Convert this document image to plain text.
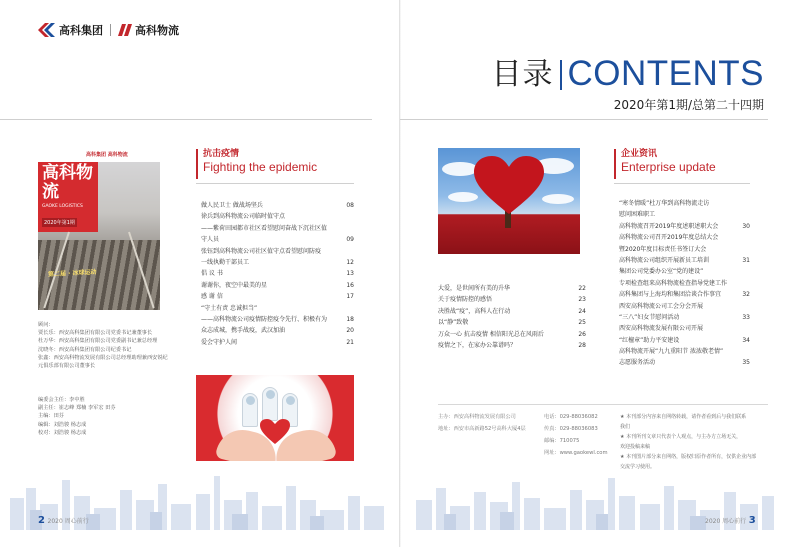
高科集团	高科物流
目录 CONTENTS
2020年第1期/总第二十四期
高科集团 高科物流
高科物流
GAOKE LOGISTICS
2020年第1期
第二届 · 冰球运动
顾问：
贾长乐：西安高科集团有限公司党委书记兼董事长
杜万华：西安高科集团有限公司党委副书记兼总经理
沈晓冬：西安高科集团有限公司纪委书记
张鑫：西安高科物流发展有限公司总经理助理兼西安锐纪
元俱乐部有限公司董事长
编委会主任：李中胜
副主任：崔志峰 郑楠 李军宏 田芬
主编：田芬
编辑：刘浩骏 杨志成
校对：刘浩骏 杨志成
抗击疫情
Fighting the epidemic
做人民卫士 做战场坚兵	08
徐兵到高科物流公司临时值守点
——紫荷田园都市社区看望慰问奋战下沉社区值
守人员	09
张钰到高科物流公司社区值守点看望慰问防疫
一线执勤干部员工	12
倡 议 书	13
谢谢你，夜空中最美的星	16
感 谢 信	17
“守土有责 忠诚担当”
——高科物流公司疫情防控疫令先行、积极有为	18
众志成城，携手战疫，武汉加油	20
爱会守护人间	21
大爱，是世间所有美的升华	22
关于疫情防控的感悟	23
决胜战“疫”，高科人在行动	24
以“静”致敬	25
万众一心 抗击疫情 相信阳光总在风雨后	26
疫情之下，在家办公靠谱吗？	28
企业资讯
Enterprise update
“寒冬情暖”杜万华到高科物流走访
慰问困难职工
高科物流召开2019年度述职述职大会	30
高科物流公司召开2019年度总结大会
暨2020年度目标责任书签订大会
高科物流公司组织开展新员工培训	31
集团公司党委办公室“党的建设”
专项检查组来高科物流检查指导党建工作
高科集团与上海均和集团洽谈合作事宜	32
西安高科物流公司工会分会开展
“三八”妇女节慰问活动	33
西安高科物流发展有限公司开展
“红檀章”助力平安建设	34
高科物流开展“九九重阳节 浓浓敬老情”
志愿服务活动	35
主办：西安高科物流发展有限公司
地址：西安市高新路52号高科大厦4层
电话：029-88036082
传真：029-88036083
邮编：710075
网址：www.gaokewl.com
★ 本刊部分内容来自网络转载，请作者看到后与我们联系
我们
★ 本刊所刊文章只代表个人观点，与主办方立场无关，
欢迎投稿来稿
★ 本刊图片部分来自网络，版权归原作者所有，仅供企业内部
交流学习使用。
2 2020 周心前行	2020 周心前行 3
